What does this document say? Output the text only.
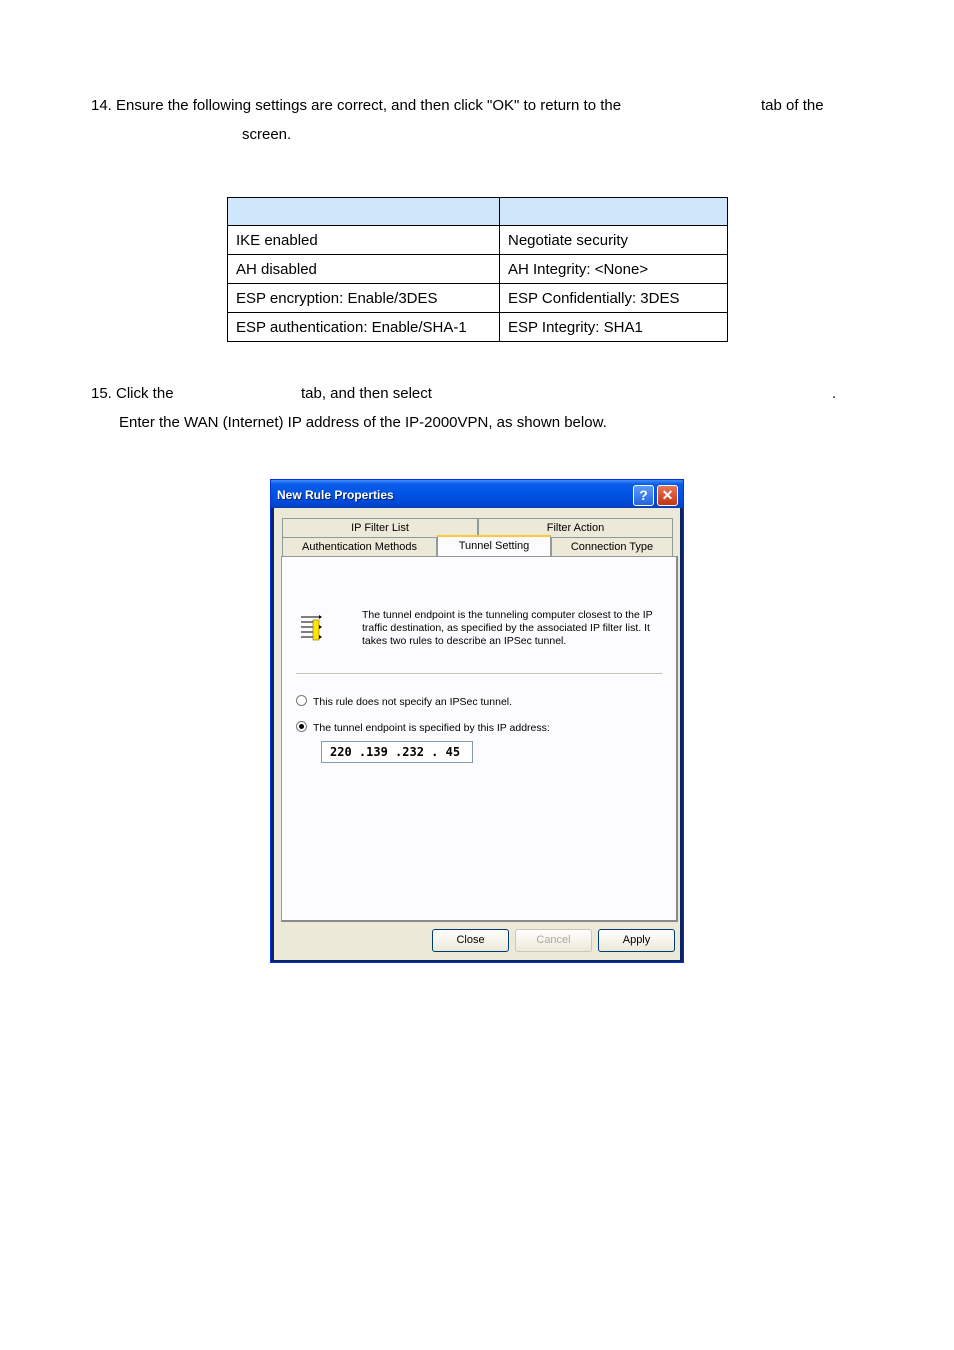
14. Ensure the following settings are correct, and then click "OK" to return to the	tab of the
screen.

IKE enabled	Negotiate security
AH disabled	AH Integrity: <None>
ESP encryption: Enable/3DES	ESP Confidentially: 3DES
ESP authentication: Enable/SHA-1	ESP Integrity: SHA1
15. Click the	tab, and then select	.
Enter the WAN (Internet) IP address of the IP-2000VPN, as shown below.
New Rule Properties	? ✕
IP Filter List	Filter Action
Authentication Methods	Tunnel Setting	Connection Type
The tunnel endpoint is the tunneling computer closest to the IP traffic destination, as specified by the associated IP filter list. It takes two rules to describe an IPSec tunnel.
This rule does not specify an IPSec tunnel.
The tunnel endpoint is specified by this IP address:
220 .139 .232 . 45
Close	Cancel	Apply
